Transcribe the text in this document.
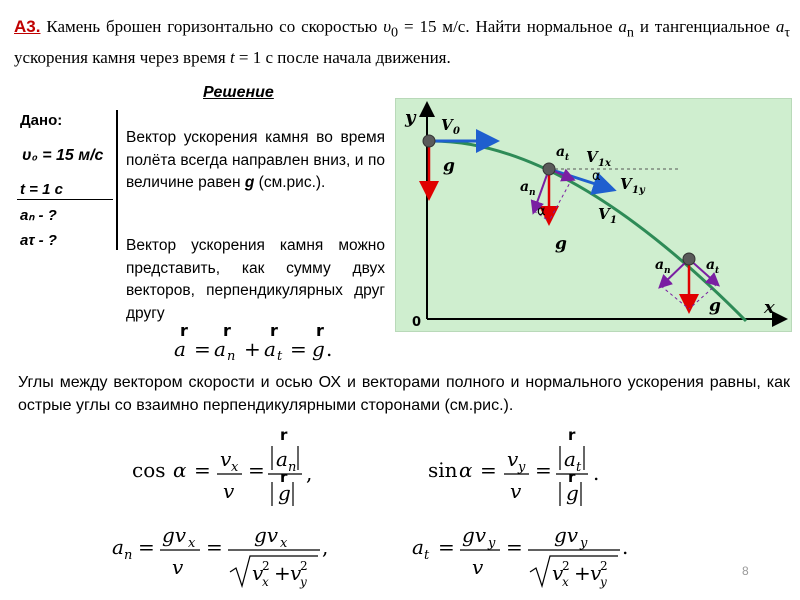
А3. Камень брошен горизонтально со скоростью $\upsilon_0 = 15$ м/с. Найти нормальное $a_n$ и тангенциальное $a_\tau$ ускорения камня через время t = 1 с после начала движения.
Решение
Дано:
υ₀ = 15 м/с
t = 1 с
aₙ - ?
aτ - ?
Вектор ускорения камня во время полёта всегда направлен вниз, и по величине равен g (см.рис.).
Вектор ускорения камня можно представить, как сумму двух векторов, перпендикулярных друг другу
a = a n + a t = g .
r r r r
y
x
0
V 0
g
a t
a n
V 1x
V 1y
V 1
α
α
g
a n	a t
g
Углы между вектором скорости и осью ОХ и векторами полного и нормального ускорения равны, как острые углы со взаимно перпендикулярными сторонами (см.рис.).
cos α = v x
v
= a n
g
,	sin α = v y
v
= a t
g
.
a n = gv x
v
= gv x
v
2
x + v
2
y
,	a t = gv y
v
= gv y
v
2
x + v
2
y
.
r
r
r
r
8
